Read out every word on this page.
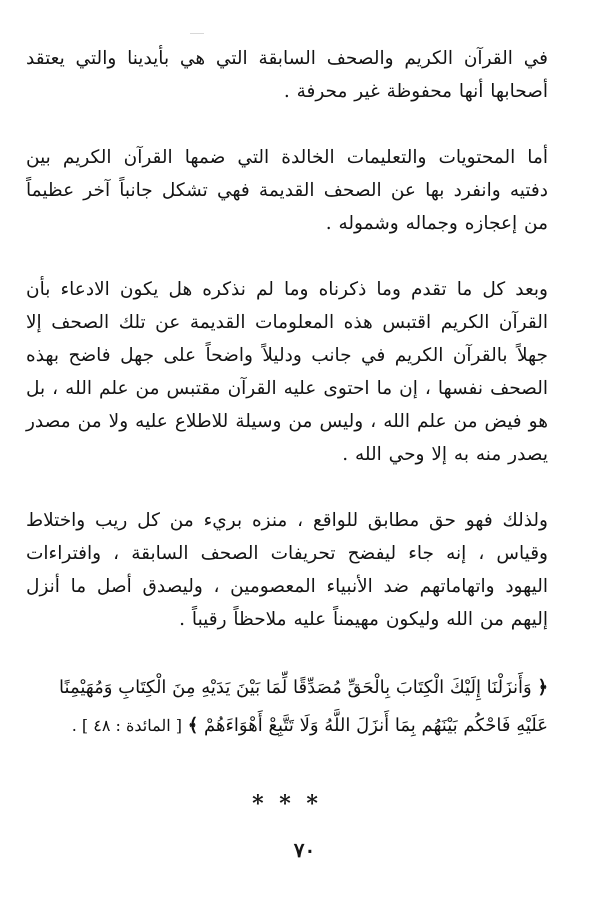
في القرآن الكريم والصحف السابقة التي هي بأيدينا والتي يعتقد أصحابها أنها محفوظة غير محرفة .

أما المحتويات والتعليمات الخالدة التي ضمها القرآن الكريم بين دفتيه وانفرد بها عن الصحف القديمة فهي تشكل جانباً آخر عظيماً من إعجازه وجماله وشموله .

وبعد كل ما تقدم وما ذكرناه وما لم نذكره هل يكون الادعاء بأن القرآن الكريم اقتبس هذه المعلومات القديمة عن تلك الصحف إلا جهلاً بالقرآن الكريم في جانب ودليلاً واضحاً على جهل فاضح بهذه الصحف نفسها ، إن ما احتوى عليه القرآن مقتبس من علم الله ، بل هو فيض من علم الله ، وليس من وسيلة للاطلاع عليه ولا من مصدر يصدر منه به إلا وحي الله .

ولذلك فهو حق مطابق للواقع ، منزه بريء من كل ريب واختلاط وقياس ، إنه جاء ليفضح تحريفات الصحف السابقة ، وافتراءات اليهود واتهاماتهم ضد الأنبياء المعصومين ، وليصدق أصل ما أنزل إليهم من الله وليكون مهيمناً عليه ملاحظاً رقيباً .

﴿ وَأَنزَلْنَا إِلَيْكَ الْكِتَابَ بِالْحَقِّ مُصَدِّقًا لِّمَا بَيْنَ يَدَيْهِ مِنَ الْكِتَابِ وَمُهَيْمِنًا عَلَيْهِ فَاحْكُم بَيْنَهُم بِمَا أَنزَلَ اللَّهُ وَلَا تَتَّبِعْ أَهْوَاءَهُمْ ﴾ [ المائدة : ٤٨ ] .

* * *
٧٠
